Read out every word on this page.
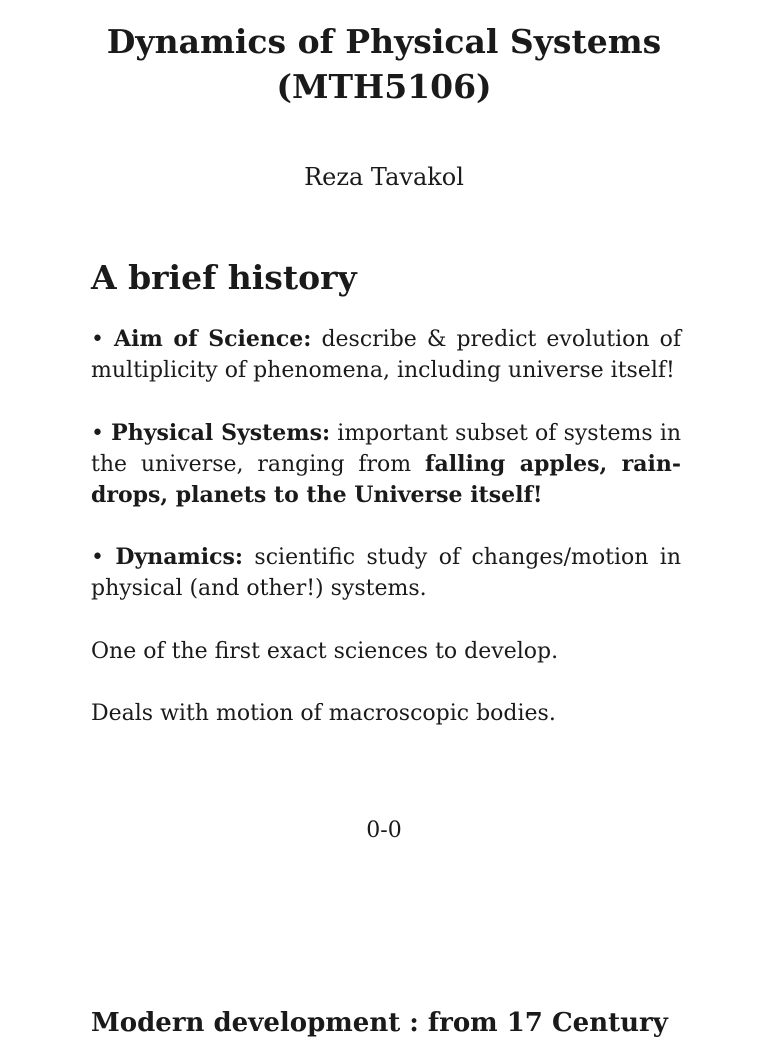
Dynamics of Physical Systems
(MTH5106)

Reza Tavakol

A brief history

• Aim of Science: describe & predict evolution of multiplicity of phenomena, including universe itself!

• Physical Systems: important subset of systems in the universe, ranging from falling apples, rain- drops, planets to the Universe itself!

• Dynamics: scientific study of changes/motion in physical (and other!) systems.

One of the first exact sciences to develop.

Deals with motion of macroscopic bodies.

0-0

Modern development : from 17 Century
